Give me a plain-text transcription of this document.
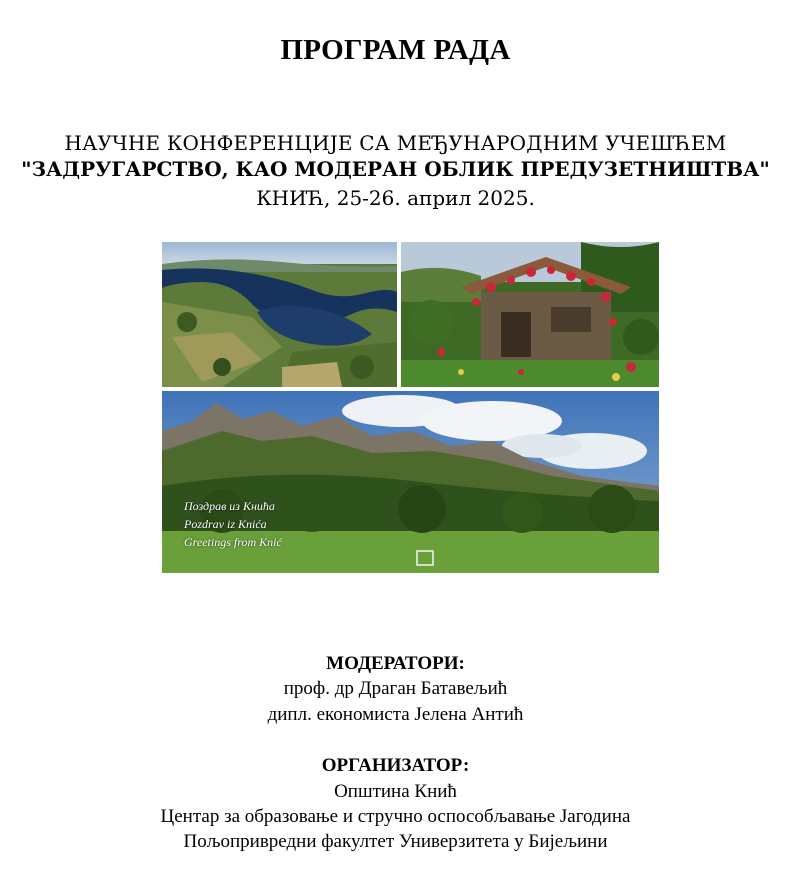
ПРОГРАМ РАДА
НАУЧНЕ КОНФЕРЕНЦИЈЕ СА МЕЂУНАРОДНИМ УЧЕШЋЕМ
"ЗАДРУГАРСТВО, КАО МОДЕРАН ОБЛИК ПРЕДУЗЕТНИШТВА"
КНИЋ, 25-26. април 2025.
Поздрав из Кнића
Pozdrav iz Knića
Greetings from Knić
МОДЕРАТОРИ:
проф. др Драган Батавељић
дипл. економиста Јелена Антић
ОРГАНИЗАТОР:
Општина Кнић
Центар за образовање и стручно оспособљавање Јагодина
Пољопривредни факултет Универзитета у Бијељини
